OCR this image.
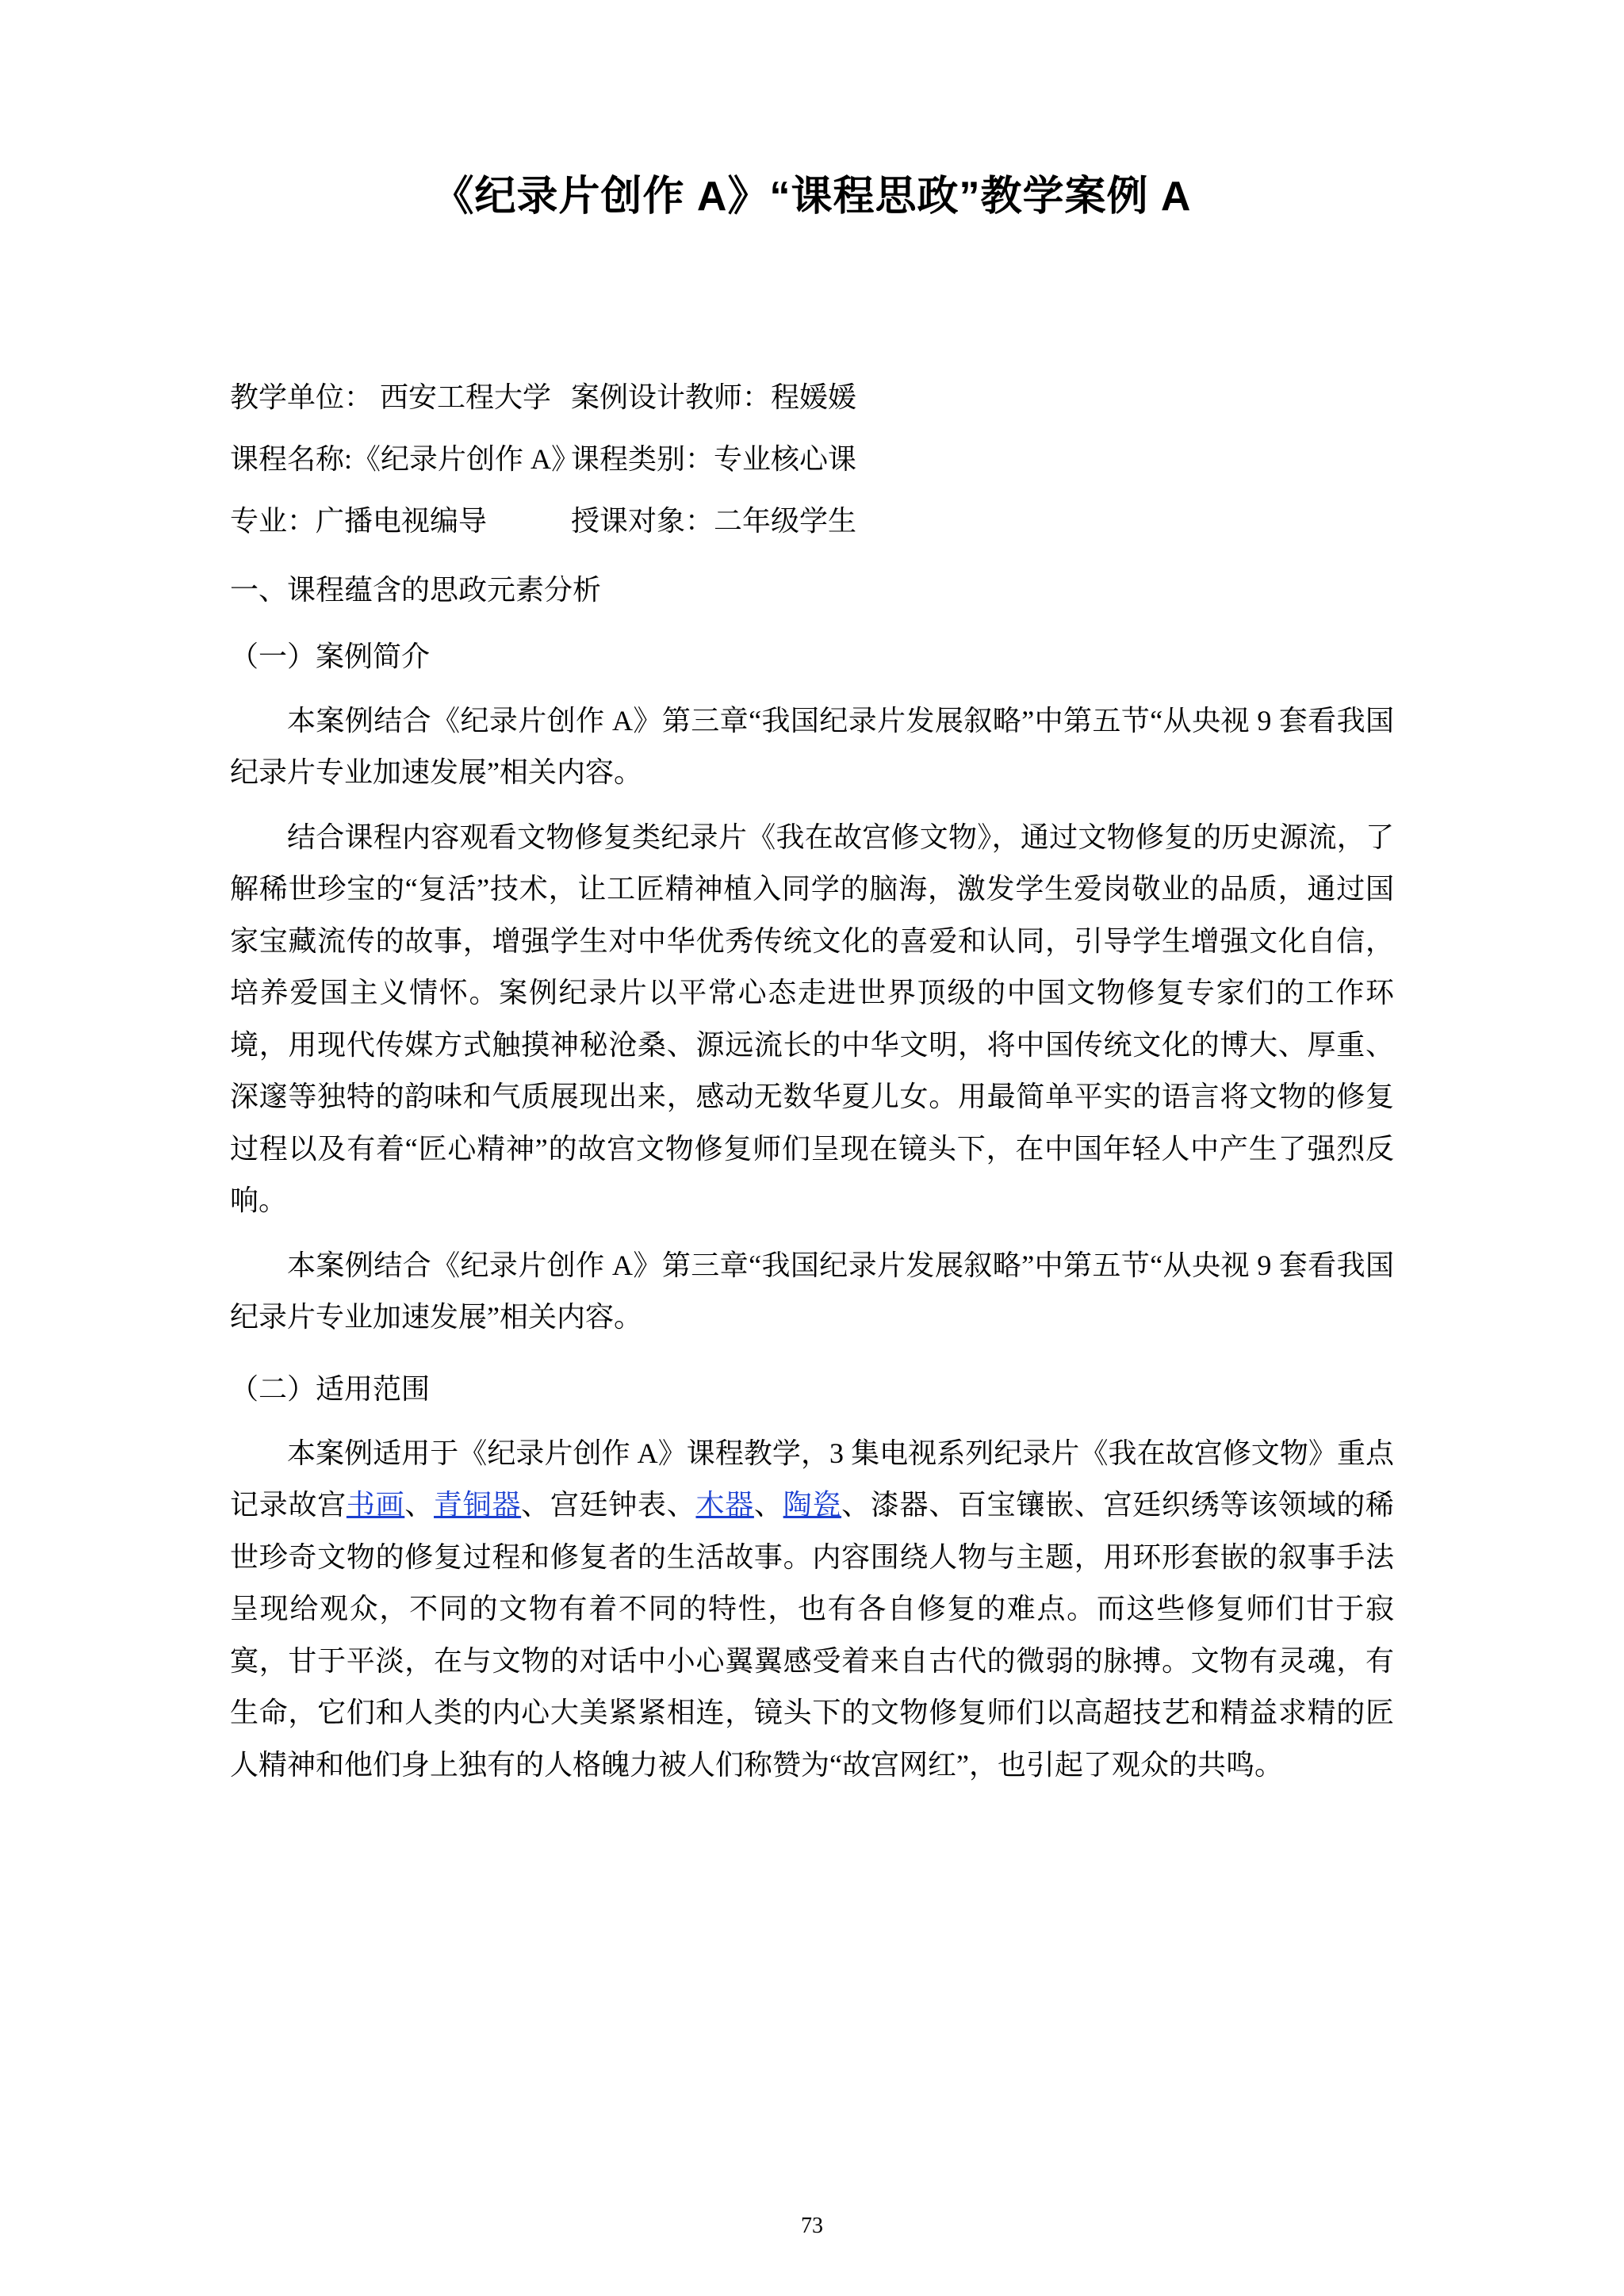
《纪录片创作 A》“课程思政”教学案例 A
教学单位： 西安工程大学 案例设计教师：程媛媛
课程名称:《纪录片创作 A》
课程类别：专业核心课
专业：广播电视编导	授课对象：二年级学生
一、课程蕴含的思政元素分析
（一）案例简介

本案例结合《纪录片创作 A》第三章“我国纪录片发展叙略”中第五节“从央视 9 套看我国纪录片专业加速发展”相关内容。

结合课程内容观看文物修复类纪录片《我在故宫修文物》，通过文物修复的历史源流，了解稀世珍宝的“复活”技术，让工匠精神植入同学的脑海，激发学生爱岗敬业的品质，通过国家宝藏流传的故事，增强学生对中华优秀传统文化的喜爱和认同，引导学生增强文化自信，培养爱国主义情怀。案例纪录片以平常心态走进世界顶级的中国文物修复专家们的工作环境，用现代传媒方式触摸神秘沧桑、源远流长的中华文明，将中国传统文化的博大、厚重、深邃等独特的韵味和气质展现出来，感动无数华夏儿女。用最简单平实的语言将文物的修复过程以及有着“匠心精神”的故宫文物修复师们呈现在镜头下，在中国年轻人中产生了强烈反响。

本案例结合《纪录片创作 A》第三章“我国纪录片发展叙略”中第五节“从央视 9 套看我国纪录片专业加速发展”相关内容。

（二）适用范围

本案例适用于《纪录片创作 A》课程教学，3 集电视系列纪录片《我在故宫修文物》重点记录故宫书画、青铜器、宫廷钟表、木器、陶瓷、漆器、百宝镶嵌、宫廷织绣等该领域的稀世珍奇文物的修复过程和修复者的生活故事。内容围绕人物与主题，用环形套嵌的叙事手法呈现给观众，不同的文物有着不同的特性，也有各自修复的难点。而这些修复师们甘于寂寞，甘于平淡，在与文物的对话中小心翼翼感受着来自古代的微弱的脉搏。文物有灵魂，有生命，它们和人类的内心大美紧紧相连，镜头下的文物修复师们以高超技艺和精益求精的匠人精神和他们身上独有的人格魄力被人们称赞为“故宫网红”，也引起了观众的共鸣。

73
